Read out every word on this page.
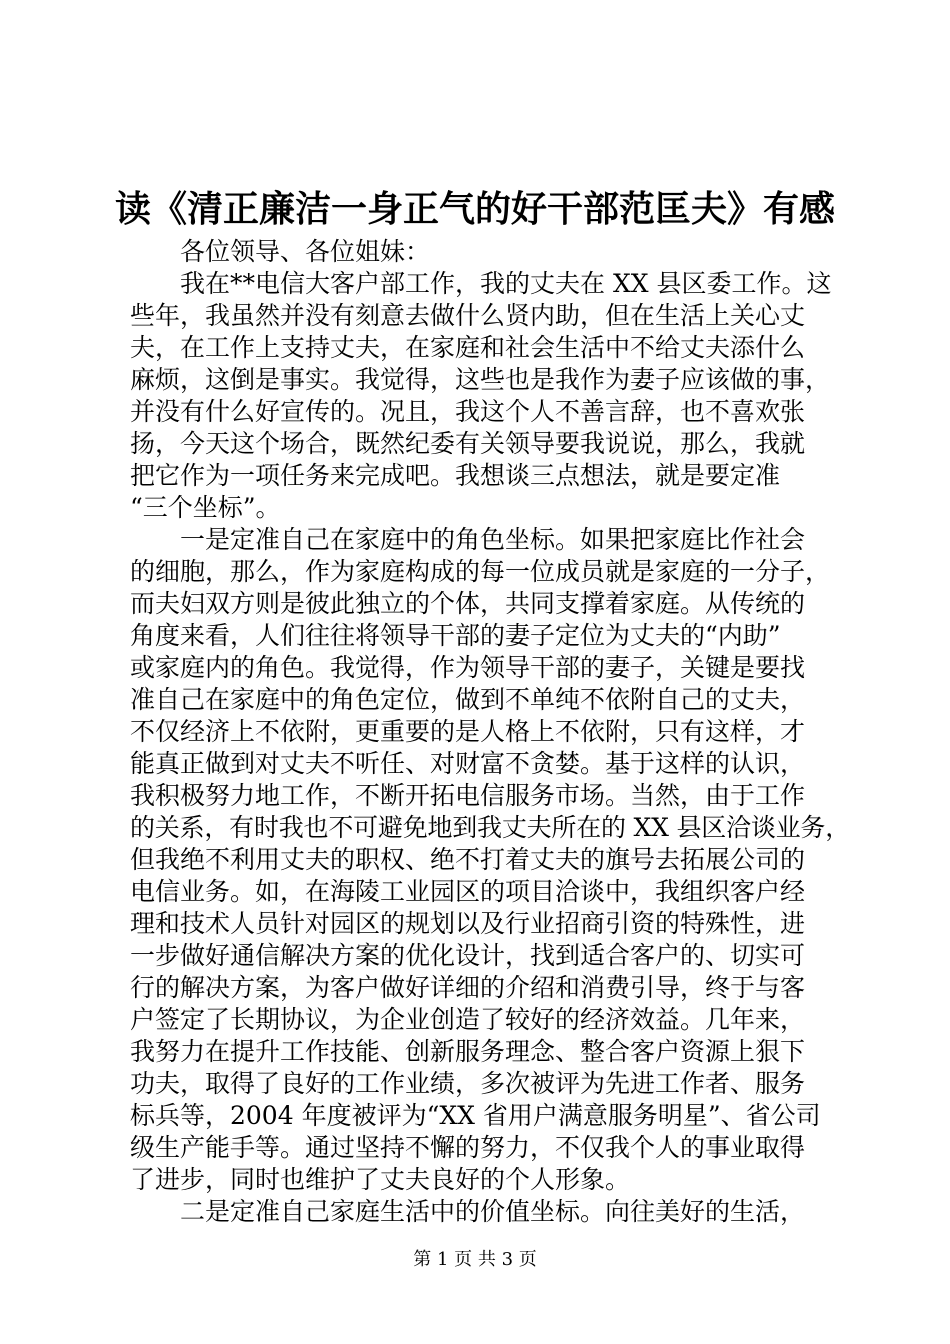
读《清正廉洁一身正气的好干部范匡夫》有感
各位领导、各位姐妹：
我在**电信大客户部工作，我的丈夫在 XX 县区委工作。这
些年，我虽然并没有刻意去做什么贤内助，但在生活上关心丈
夫，在工作上支持丈夫，在家庭和社会生活中不给丈夫添什么
麻烦，这倒是事实。我觉得，这些也是我作为妻子应该做的事，
并没有什么好宣传的。况且，我这个人不善言辞，也不喜欢张
扬，今天这个场合，既然纪委有关领导要我说说，那么，我就
把它作为一项任务来完成吧。我想谈三点想法，就是要定准
“三个坐标”。
一是定准自己在家庭中的角色坐标。如果把家庭比作社会
的细胞，那么，作为家庭构成的每一位成员就是家庭的一分子，
而夫妇双方则是彼此独立的个体，共同支撑着家庭。从传统的
角度来看，人们往往将领导干部的妻子定位为丈夫的“内助”
或家庭内的角色。我觉得，作为领导干部的妻子，关键是要找
准自己在家庭中的角色定位，做到不单纯不依附自己的丈夫，
不仅经济上不依附，更重要的是人格上不依附，只有这样，才
能真正做到对丈夫不听任、对财富不贪婪。基于这样的认识，
我积极努力地工作，不断开拓电信服务市场。当然，由于工作
的关系，有时我也不可避免地到我丈夫所在的 XX 县区洽谈业务，
但我绝不利用丈夫的职权、绝不打着丈夫的旗号去拓展公司的
电信业务。如，在海陵工业园区的项目洽谈中，我组织客户经
理和技术人员针对园区的规划以及行业招商引资的特殊性，进
一步做好通信解决方案的优化设计，找到适合客户的、切实可
行的解决方案，为客户做好详细的介绍和消费引导，终于与客
户签定了长期协议，为企业创造了较好的经济效益。几年来，
我努力在提升工作技能、创新服务理念、整合客户资源上狠下
功夫，取得了良好的工作业绩，多次被评为先进工作者、服务
标兵等，2004 年度被评为“XX 省用户满意服务明星”、省公司
级生产能手等。通过坚持不懈的努力，不仅我个人的事业取得
了进步，同时也维护了丈夫良好的个人形象。
二是定准自己家庭生活中的价值坐标。向往美好的生活，
第 1 页 共 3 页
